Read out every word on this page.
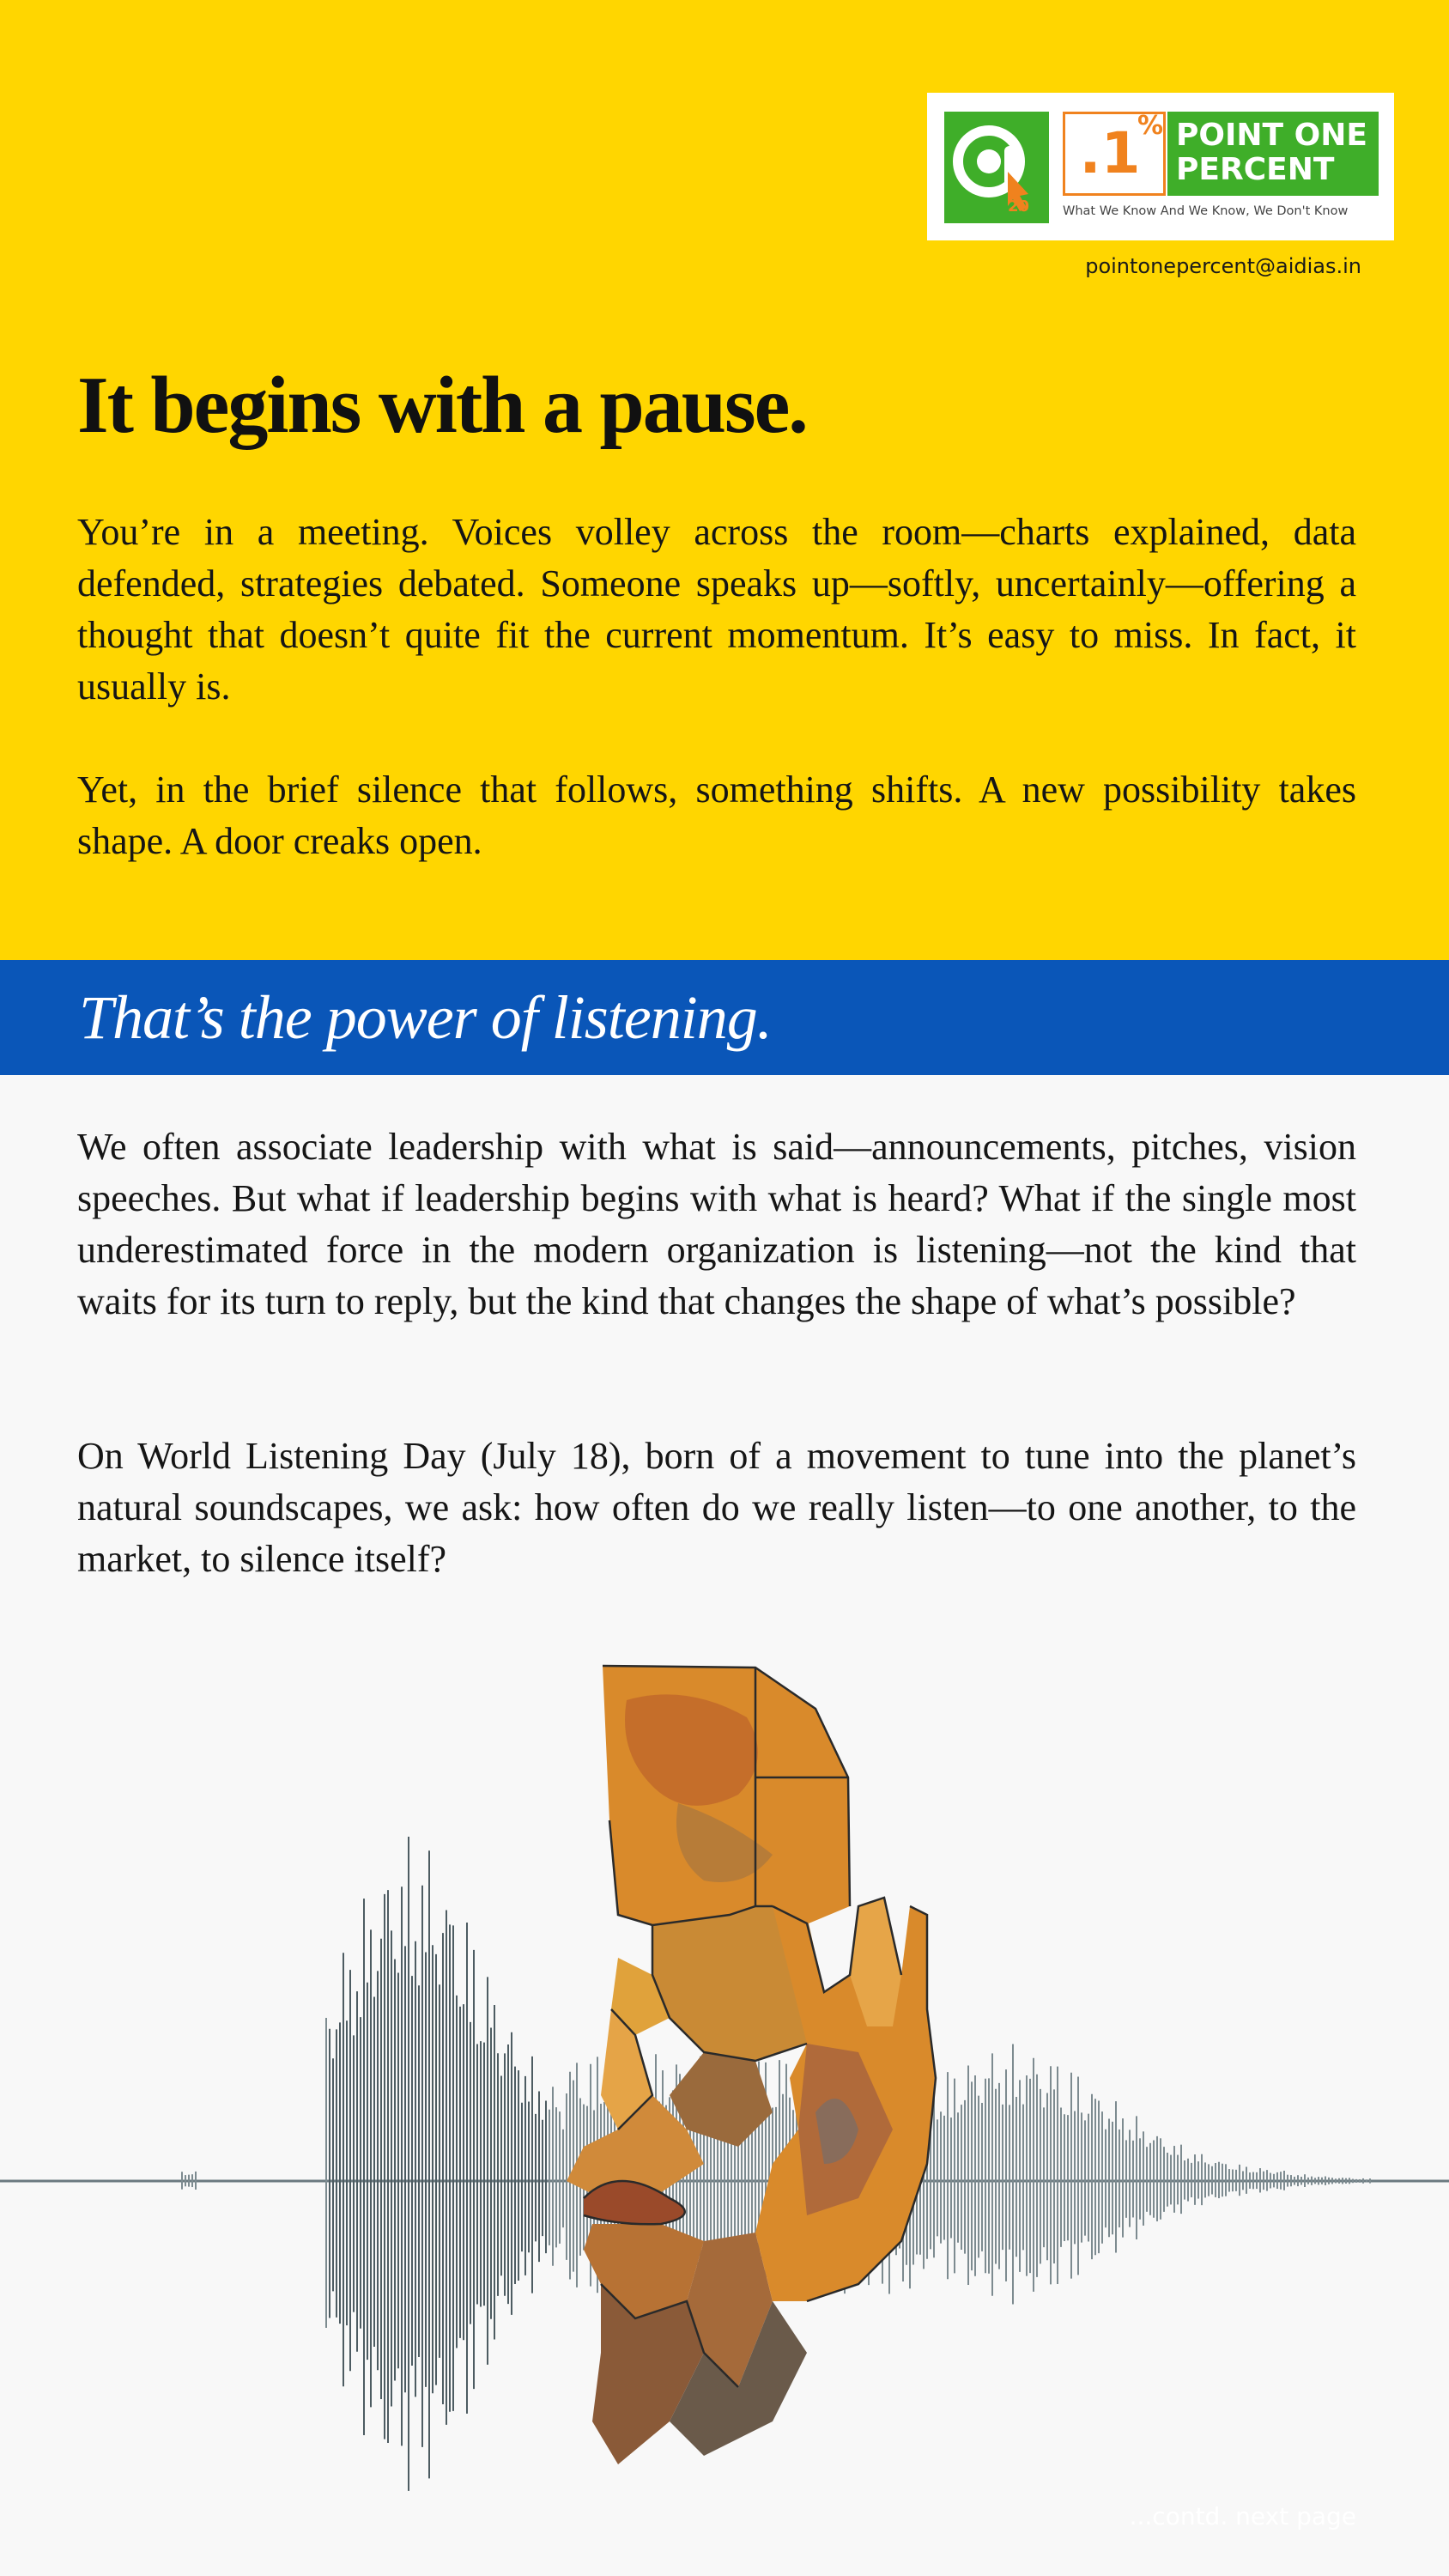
20
.1
% POINT ONE
PERCENT
What We Know And We Know, We Don't Know
pointonepercent@aidias.in
It begins with a pause.

You’re in a meeting. Voices volley across the room—charts explained, data defended, strategies debated. Someone speaks up—softly, uncertainly—offering a thought that doesn’t quite fit the current momentum. It’s easy to miss. In fact, it usually is.

Yet, in the brief silence that follows, something shifts. A new possibility takes shape. A door creaks open.

That’s the power of listening.

We often associate leadership with what is said—announcements, pitches, vision speeches. But what if leadership begins with what is heard? What if the single most underestimated force in the modern organization is listening—not the kind that waits for its turn to reply, but the kind that changes the shape of what’s possible?

On World Listening Day (July 18), born of a movement to tune into the planet’s natural soundscapes, we ask: how often do we really listen—to one another, to the market, to silence itself?

...contd. next page
